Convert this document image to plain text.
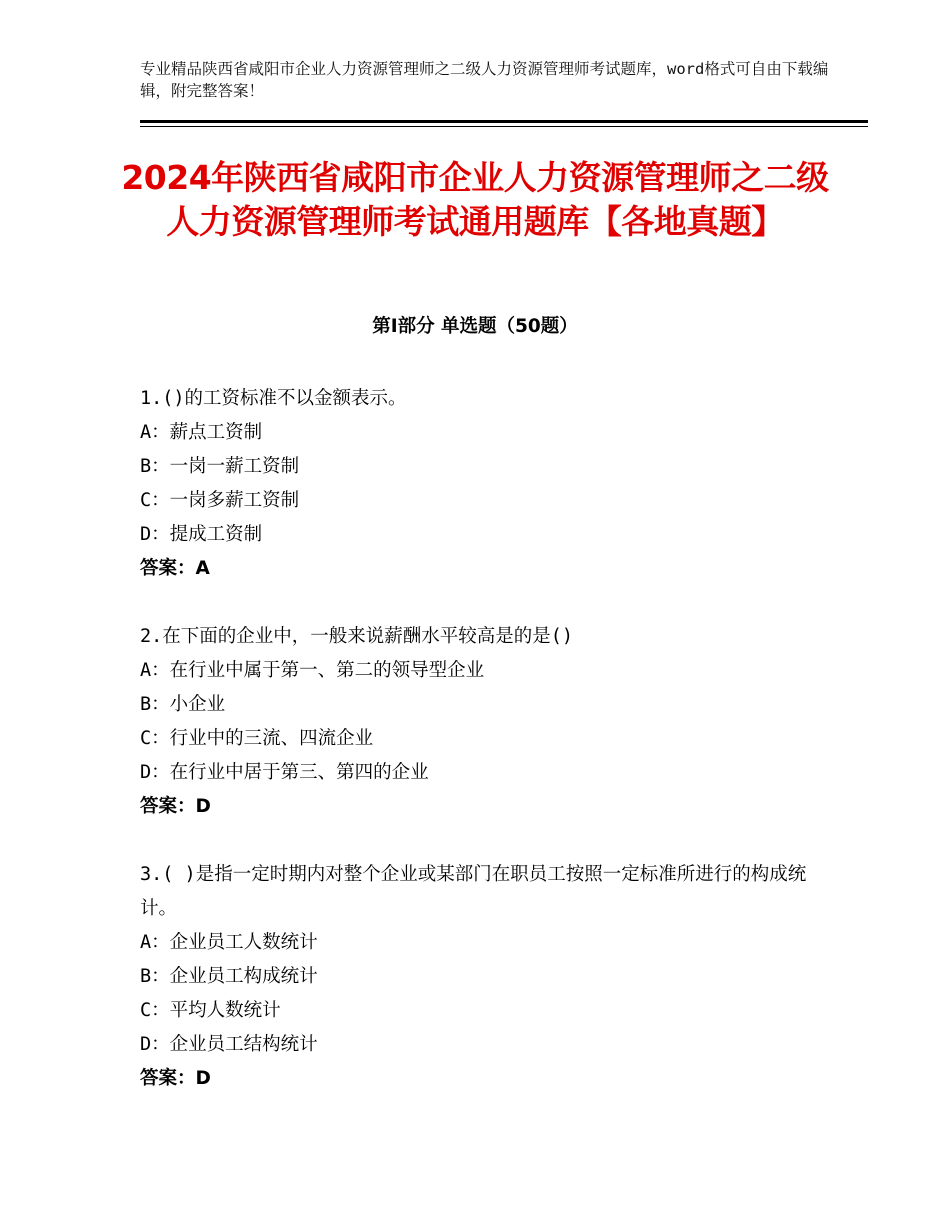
专业精品陕西省咸阳市企业人力资源管理师之二级人力资源管理师考试题库，word格式可自由下载编辑，附完整答案！
2024年陕西省咸阳市企业人力资源管理师之二级人力资源管理师考试通用题库【各地真题】
第Ⅰ部分 单选题（50题）
1.()的工资标准不以金额表示。
A：薪点工资制
B：一岗一薪工资制
C：一岗多薪工资制
D：提成工资制
答案：A
2.在下面的企业中，一般来说薪酬水平较高是的是()
A：在行业中属于第一、第二的领导型企业
B：小企业
C：行业中的三流、四流企业
D：在行业中居于第三、第四的企业
答案：D
3.( )是指一定时期内对整个企业或某部门在职员工按照一定标准所进行的构成统计。
A：企业员工人数统计
B：企业员工构成统计
C：平均人数统计
D：企业员工结构统计
答案：D
